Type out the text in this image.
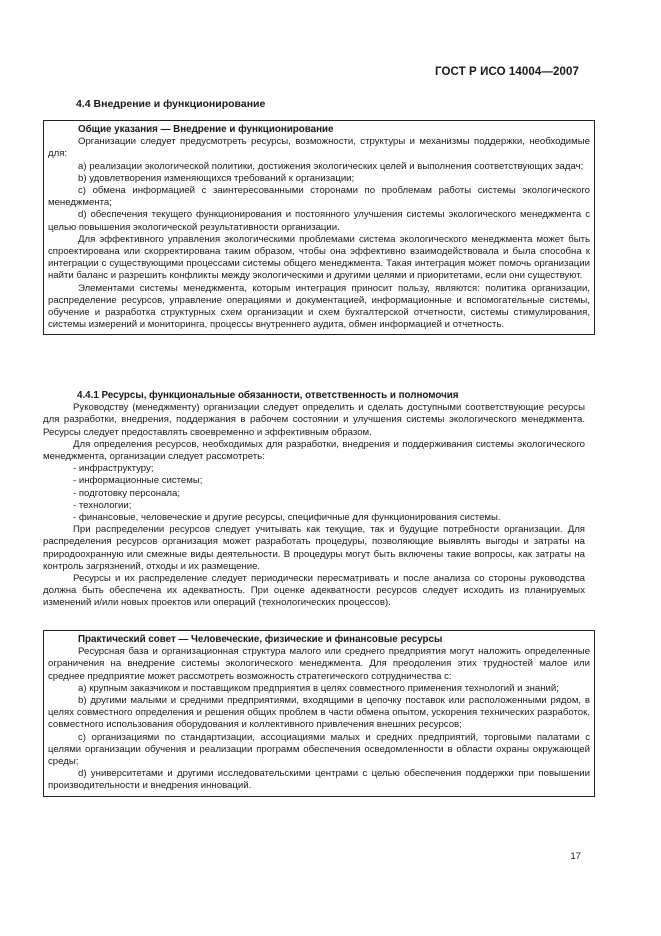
ГОСТ Р ИСО 14004—2007
4.4 Внедрение и функционирование
Общие указания — Внедрение и функционирование

Организации следует предусмотреть ресурсы, возможности, структуры и механизмы поддержки, необходимые для:

a) реализации экологической политики, достижения экологических целей и выполнения соответствующих задач;

b) удовлетворения изменяющихся требований к организации;

c) обмена информацией с заинтересованными сторонами по проблемам работы системы экологического менеджмента;

d) обеспечения текущего функционирования и постоянного улучшения системы экологического менеджмента с целью повышения экологической результативности организации.

Для эффективного управления экологическими проблемами система экологического менеджмента может быть спроектирована или скорректирована таким образом, чтобы она эффективно взаимодействовала и была способна к интеграции с существующими процессами системы общего менеджмента. Такая интеграция может помочь организации найти баланс и разрешить конфликты между экологическими и другими целями и приоритетами, если они существуют.

Элементами системы менеджмента, которым интеграция приносит пользу, являются: политика организации, распределение ресурсов, управление операциями и документацией, информационные и вспомогательные системы, обучение и разработка структурных схем организации и схем бухгалтерской отчетности, системы стимулирования, системы измерений и мониторинга, процессы внутреннего аудита, обмен информацией и отчетность.

4.4.1 Ресурсы, функциональные обязанности, ответственность и полномочия

Руководству (менеджменту) организации следует определить и сделать доступными соответствующие ресурсы для разработки, внедрения, поддержания в рабочем состоянии и улучшения системы экологического менеджмента. Ресурсы следует предоставлять своевременно и эффективным образом.

Для определения ресурсов, необходимых для разработки, внедрения и поддерживания системы экологического менеджмента, организации следует рассмотреть:

- инфраструктуру;

- информационные системы;

- подготовку персонала;

- технологии;

- финансовые, человеческие и другие ресурсы, специфичные для функционирования системы.

При распределении ресурсов следует учитывать как текущие, так и будущие потребности организации. Для распределения ресурсов организация может разработать процедуры, позволяющие выявлять выгоды и затраты на природоохранную или смежные виды деятельности. В процедуры могут быть включены такие вопросы, как затраты на контроль загрязнений, отходы и их размещение.

Ресурсы и их распределение следует периодически пересматривать и после анализа со стороны руководства должна быть обеспечена их адекватность. При оценке адекватности ресурсов следует исходить из планируемых изменений и/или новых проектов или операций (технологических процессов).

Практический совет — Человеческие, физические и финансовые ресурсы

Ресурсная база и организационная структура малого или среднего предприятия могут наложить определенные ограничения на внедрение системы экологического менеджмента. Для преодоления этих трудностей малое или среднее предприятие может рассмотреть возможность стратегического сотрудничества с:

a) крупным заказчиком и поставщиком предприятия в целях совместного применения технологий и знаний;

b) другими малыми и средними предприятиями, входящими в цепочку поставок или расположенными рядом, в целях совместного определения и решения общих проблем в части обмена опытом, ускорения технических разработок, совместного использования оборудования и коллективного привлечения внешних ресурсов;

c) организациями по стандартизации, ассоциациями малых и средних предприятий, торговыми палатами с целями организации обучения и реализации программ обеспечения осведомленности в области охраны окружающей среды;

d) университетами и другими исследовательскими центрами с целью обеспечения поддержки при повышении производительности и внедрения инноваций.

17
